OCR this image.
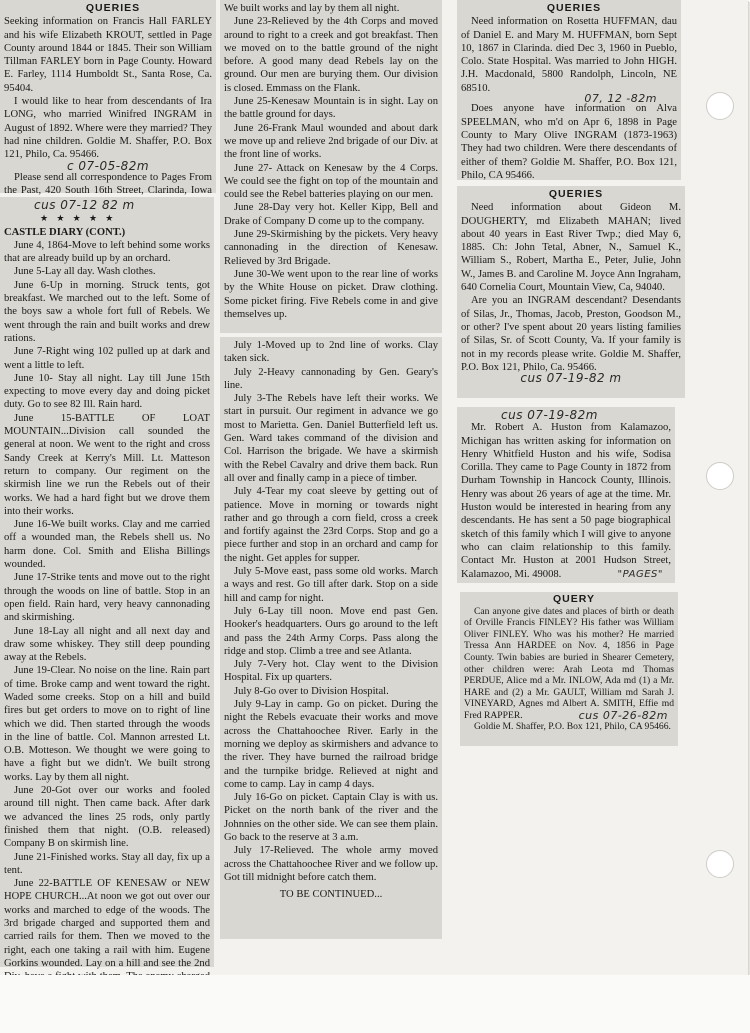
QUERIES

Seeking information on Francis Hall FARLEY and his wife Elizabeth KROUT, settled in Page County around 1844 or 1845. Their son William Tillman FARLEY born in Page County. Howard E. Farley, 1114 Humboldt St., Santa Rose, Ca. 95404.

I would like to hear from descendants of Ira LONG, who married Winifred INGRAM in August of 1892. Where were they married? They had nine children. Goldie M. Shaffer, P.O. Box 121, Philo, Ca. 95466.

c 07-05-82m

Please send all correspondence to Pages From the Past, 420 South 16th Street, Clarinda, Iowa

cus 07-12 82 m

★ ★ ★ ★ ★

CASTLE DIARY (CONT.)

June 4, 1864-Move to left behind some works that are already build up by an orchard.

June 5-Lay all day. Wash clothes.

June 6-Up in morning. Struck tents, got breakfast. We marched out to the left. Some of the boys saw a whole fort full of Rebels. We went through the rain and built works and drew rations.

June 7-Right wing 102 pulled up at dark and went a little to left.

June 10- Stay all night. Lay till June 15th expecting to move every day and doing picket duty. Go to see 82 Ill. Rain hard.

June 15-BATTLE OF LOAT MOUNTAIN...Division call sounded the general at noon. We went to the right and cross Sandy Creek at Kerry's Mill. Lt. Matteson return to company. Our regiment on the skirmish line we run the Rebels out of their works. We had a hard fight but we drove them into their works.

June 16-We built works. Clay and me carried off a wounded man, the Rebels shell us. No harm done. Col. Smith and Elisha Billings wounded.

June 17-Strike tents and move out to the right through the woods on line of battle. Stop in an open field. Rain hard, very heavy cannonading and skirmishing.

June 18-Lay all night and all next day and draw some whiskey. They still deep pounding away at the Rebels.

June 19-Clear. No noise on the line. Rain part of time. Broke camp and went toward the right. Waded some creeks. Stop on a hill and build fires but get orders to move on to right of line which we did. Then started through the woods in the line of battle. Col. Mannon arrested Lt. O.B. Motteson. We thought we were going to have a fight but we didn't. We built strong works. Lay by them all night.

June 20-Got over our works and fooled around till night. Then came back. After dark we advanced the lines 25 rods, only partly finished them that night. (O.B. released) Company B on skirmish line.

June 21-Finished works. Stay all day, fix up a tent.

June 22-BATTLE OF KENESAW or NEW HOPE CHURCH...At noon we got out over our works and marched to edge of the woods. The 3rd brigade charged and supported them and carried rails for them. Then we moved to the right, each one taking a rail with him. Eugene Gorkins wounded. Lay on a hill and see the 2nd

We built works and lay by them all night.

June 23-Relieved by the 4th Corps and moved around to right to a creek and got breakfast. Then we moved on to the battle ground of the night before. A good many dead Rebels lay on the ground. Our men are burying them. Our division is closed. Emmass on the Flank.

June 25-Kenesaw Mountain is in sight. Lay on the battle ground for days.

June 26-Frank Maul wounded and about dark we move up and relieve 2nd brigade of our Div. at the front line of works.

June 27- Attack on Kenesaw by the 4 Corps. We could see the fight on top of the mountain and could see the Rebel batteries playing on our men.

June 28-Day very hot. Keller Kipp, Bell and Drake of Company D come up to the company.

June 29-Skirmishing by the pickets. Very heavy cannonading in the direction of Kenesaw. Relieved by 3rd Brigade.

June 30-We went upon to the rear line of works by the White House on picket. Draw clothing. Some picket firing. Five Rebels come in and give themselves up.

July 1-Moved up to 2nd line of works. Clay taken sick.

July 2-Heavy cannonading by Gen. Geary's line.

July 3-The Rebels have left their works. We start in pursuit. Our regiment in advance we go most to Marietta. Gen. Daniel Butterfield left us. Gen. Ward takes command of the division and Col. Harrison the brigade. We have a skirmish with the Rebel Cavalry and drive them back. Run all over and finally camp in a piece of timber.

July 4-Tear my coat sleeve by getting out of patience. Move in morning or towards night rather and go through a corn field, cross a creek and fortify against the 23rd Corps. Stop and go a piece further and stop in an orchard and camp for the night. Get apples for supper.

July 5-Move east, pass some old works. March a ways and rest. Go till after dark. Stop on a side hill and camp for night.

July 6-Lay till noon. Move end past Gen. Hooker's headquarters. Ours go around to the left and pass the 24th Army Corps. Pass along the ridge and stop. Climb a tree and see Atlanta.

July 7-Very hot. Clay went to the Division Hospital. Fix up quarters.

July 8-Go over to Division Hospital.

July 9-Lay in camp. Go on picket. During the night the Rebels evacuate their works and move across the Chattahoochee River. Early in the morning we deploy as skirmishers and advance to the river. They have burned the railroad bridge and the turnpike bridge. Relieved at night and come to camp. Lay in camp 4 days.

July 16-Go on picket. Captain Clay is with us. Picket on the north bank of the river and the Johnnies on the other side. We can see them plain. Go back to the reserve at 3 a.m.

July 17-Relieved. The whole army moved across the Chattahoochee River and we follow up. Got till midnight before catch them.

TO BE CONTINUED...

QUERIES

Need information on Rosetta HUFFMAN, dau of Daniel E. and Mary M. HUFFMAN, born Sept 10, 1867 in Clarinda. died Dec 3, 1960 in Pueblo, Colo. State Hospital. Was married to John HIGH. J.H. Macdonald, 5800 Randolph, Lincoln, NE 68510.

07, 12 -82m

Does anyone have information on Alva SPEELMAN, who m'd on Apr 6, 1898 in Page County to Mary Olive INGRAM (1873-1963) They had two children. Were there descendants of either of them? Goldie M. Shaffer, P.O. Box 121, Philo, CA 95466.

QUERIES

Need information about Gideon M. DOUGHERTY, md Elizabeth MAHAN; lived about 40 years in East River Twp.; died May 6, 1885. Ch: John Tetal, Abner, N., Samuel K., William S., Robert, Martha E., Peter, Julie, John W., James B. and Caroline M. Joyce Ann Ingraham, 640 Cornelia Court, Mountain View, Ca, 94040.

Are you an INGRAM descendant? Desendants of Silas, Jr., Thomas, Jacob, Preston, Goodson M., or other? I've spent about 20 years listing families of Silas, Sr. of Scott County, Va. If your family is not in my records please write. Goldie M. Shaffer, P.O. Box 121, Philo, Ca. 95466.

cus 07-19-82 m
cus 07-19-82m

Mr. Robert A. Huston from Kalamazoo, Michigan has written asking for information on Henry Whitfield Huston and his wife, Sodisa Corilla. They came to Page County in 1872 from Durham Township in Hancock County, Illinois. Henry was about 26 years of age at the time. Mr. Huston would be interested in hearing from any descendants. He has sent a 50 page biographical sketch of this family which I will give to anyone who can claim relationship to this family. Contact Mr. Huston at 2001 Hudson Street, Kalamazoo, Mi. 49008.	"PAGES"

QUERY

Can anyone give dates and places of birth or death of Orville Francis FINLEY? His father was William Oliver FINLEY. Who was his mother? He married Tressa Ann HARDEE on Nov. 4, 1856 in Page County. Twin babies are buried in Shearer Cemetery, other children were: Arah Leota md Thomas PERDUE, Alice md a Mr. INLOW, Ada md (1) a Mr. HARE and (2) a Mr. GAULT, William md Sarah J. VINEYARD, Agnes md Albert A. SMITH, Effie md Fred RAPPER.	cus 07-26-82m

Goldie M. Shaffer, P.O. Box 121, Philo, CA 95466.
